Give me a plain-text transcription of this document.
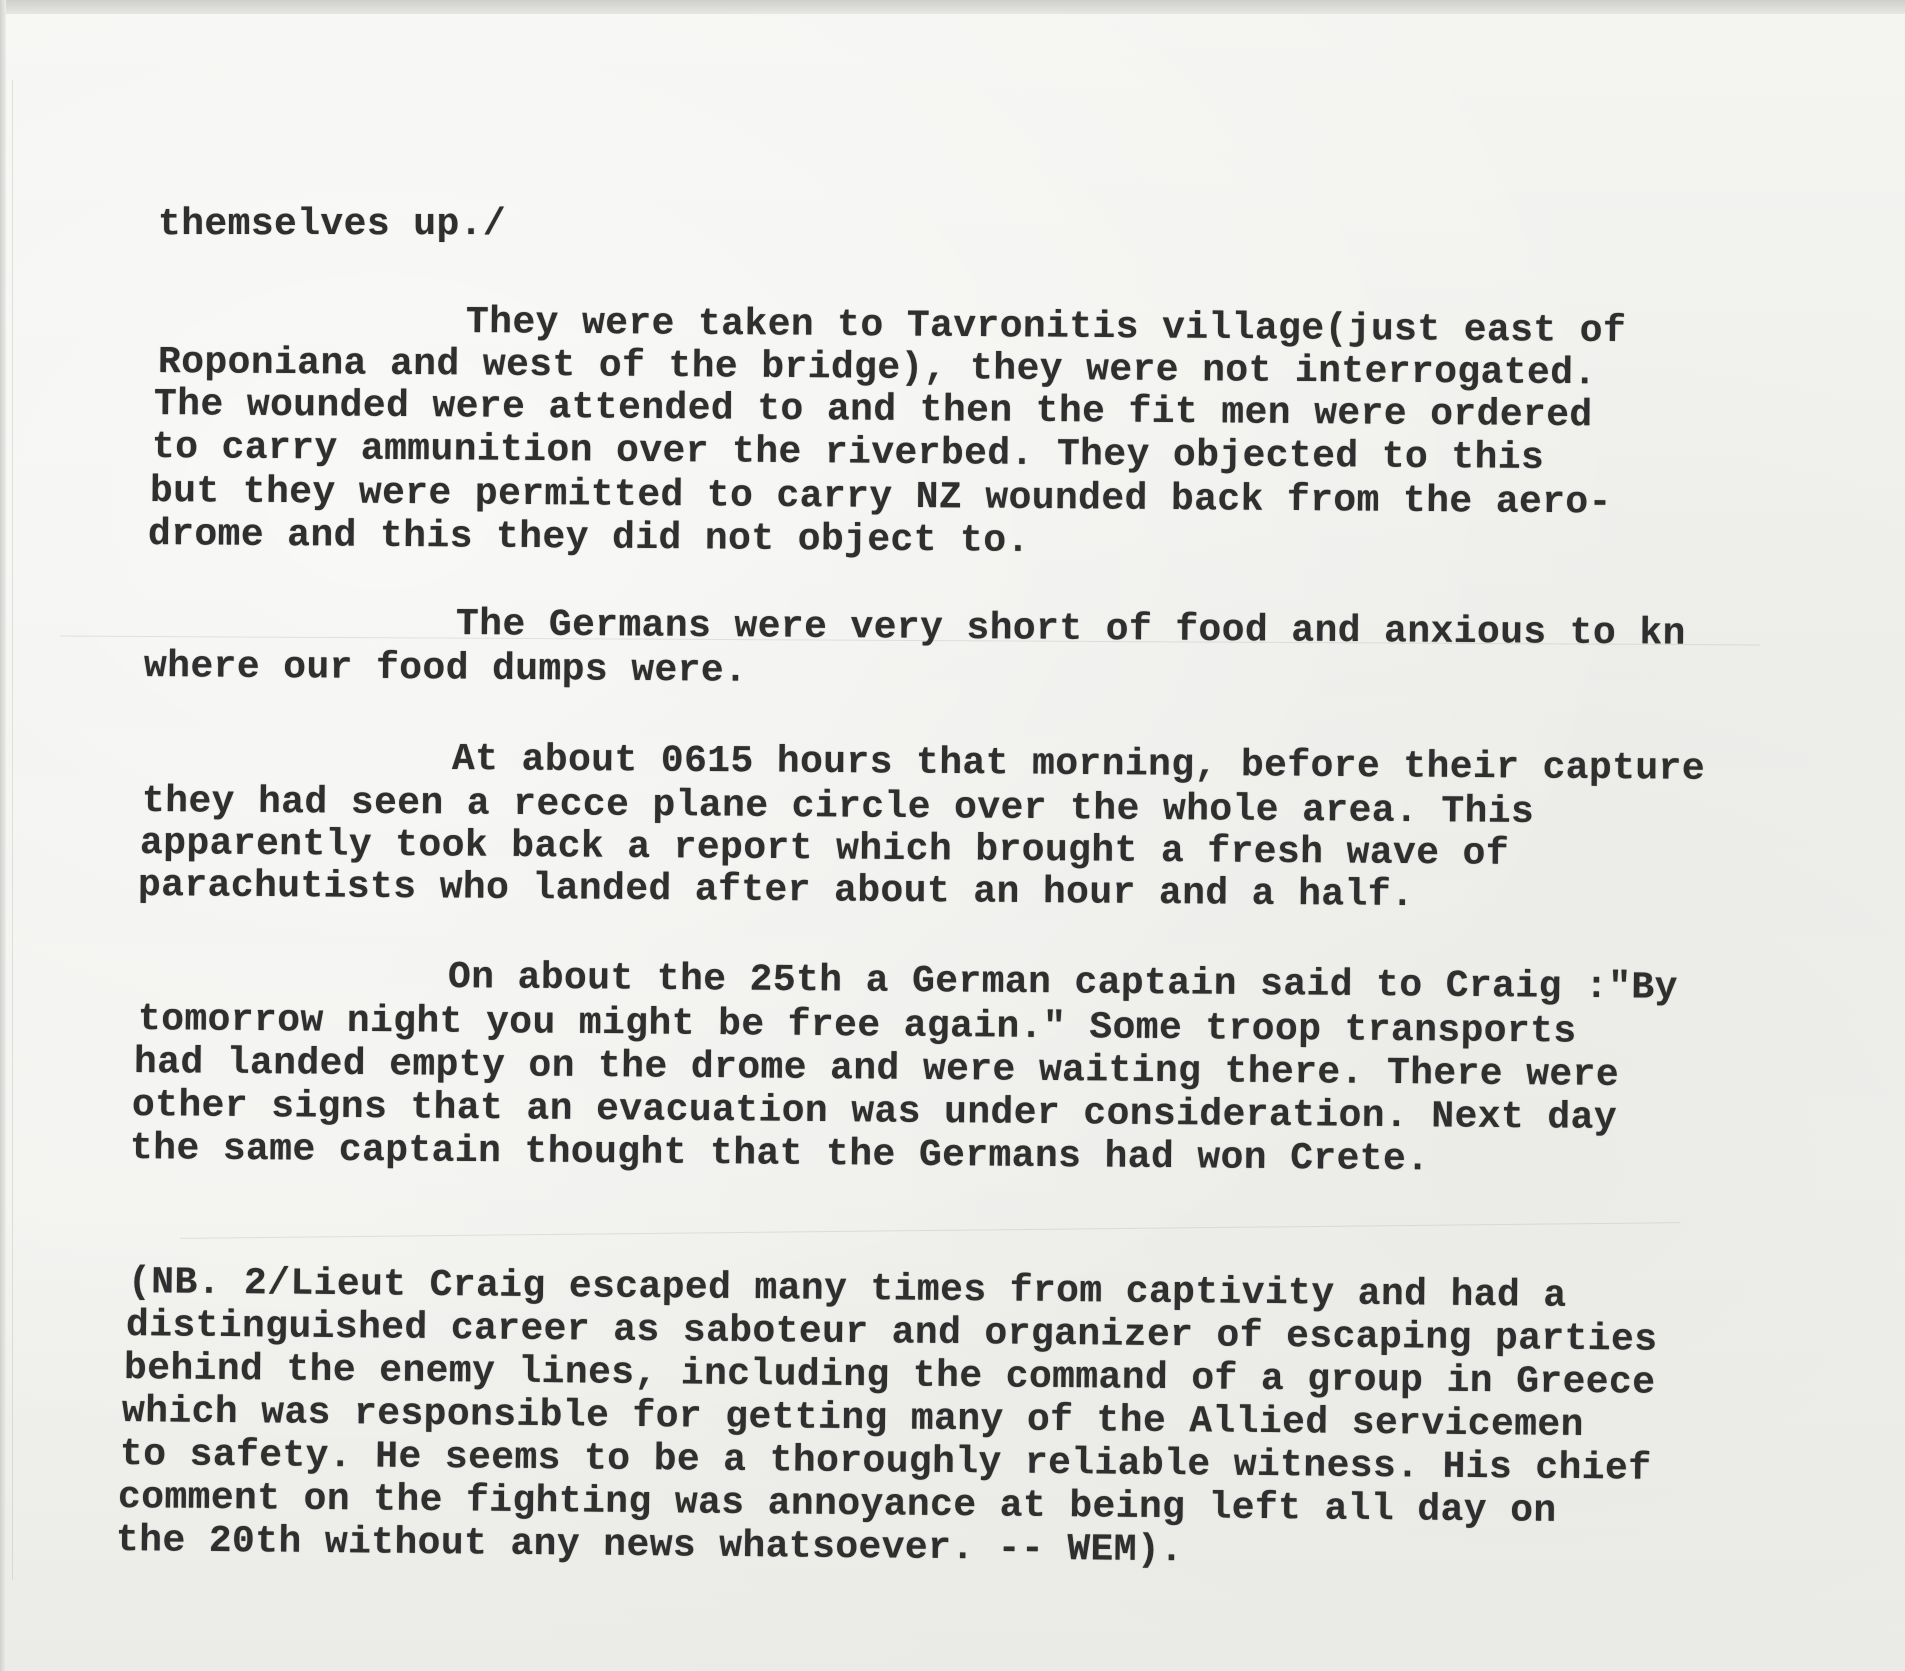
themselves up./

They were taken to Tavronitis village(just east of

Roponiana and west of the bridge), they were not interrogated.

The wounded were attended to and then the fit men were ordered

to carry ammunition over the riverbed. They objected to this

but they were permitted to carry NZ wounded back from the aero-

drome and this they did not object to.

The Germans were very short of food and anxious to kn

where our food dumps were.

At about 0615 hours that morning, before their capture

they had seen a recce plane circle over the whole area. This

apparently took back a report which brought a fresh wave of

parachutists who landed after about an hour and a half.

On about the 25th a German captain said to Craig :"By

tomorrow night you might be free again." Some troop transports

had landed empty on the drome and were waiting there. There were

other signs that an evacuation was under consideration. Next day

the same captain thought that the Germans had won Crete.

(NB. 2/Lieut Craig escaped many times from captivity and had a

distinguished career as saboteur and organizer of escaping parties

behind the enemy lines, including the command of a group in Greece

which was responsible for getting many of the Allied servicemen

to safety. He seems to be a thoroughly reliable witness. His chief

comment on the fighting was annoyance at being left all day on

the 20th without any news whatsoever. -- WEM).
